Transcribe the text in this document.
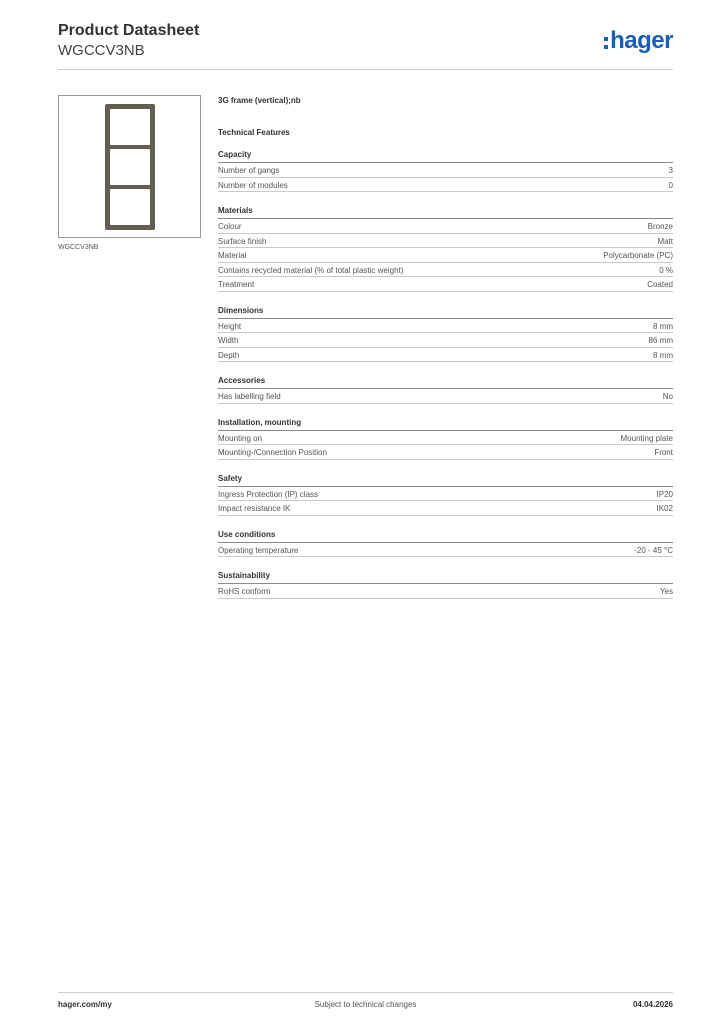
Product Datasheet
WGCCV3NB	hager
WGCCV3NB
3G frame (vertical);nb
Technical Features
Capacity
Number of gangs	3
Number of modules	0
Materials
Colour	Bronze
Surface finish	Matt
Material	Polycarbonate (PC)
Contains recycled material (% of total plastic weight)	0 %
Treatment	Coated
Dimensions
Height	8 mm
Width	86 mm
Depth	8 mm
Accessories
Has labelling field	No
Installation, mounting
Mounting on	Mounting plate
Mounting-/Connection Position	Front
Safety
Ingress Protection (IP) class	IP20
Impact resistance IK	IK02
Use conditions
Operating temperature	-20 - 45 °C
Sustainability
RoHS conform	Yes
hager.com/my	Subject to technical changes	04.04.2026
